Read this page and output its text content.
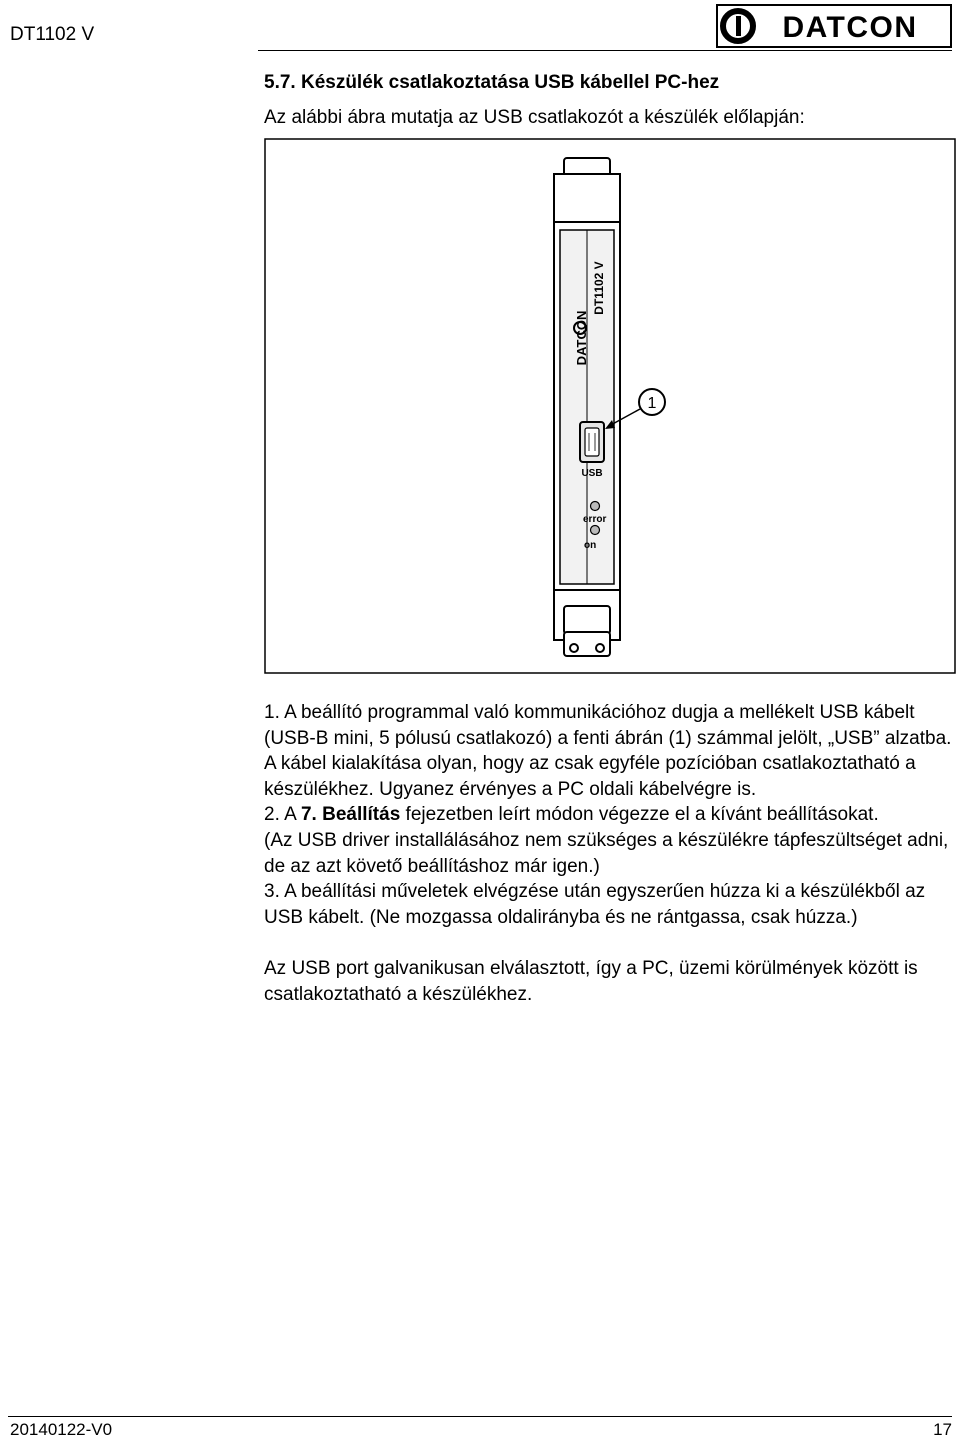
DT1102 V	DATCON
5.7. Készülék csatlakoztatása USB kábellel PC-hez
Az alábbi ábra mutatja az USB csatlakozót a készülék előlapján:
DATCON
DT1102 V
USB
error
on
1

1. A beállító programmal való kommunikációhoz dugja a mellékelt USB kábelt (USB-B mini, 5 pólusú csatlakozó) a fenti ábrán (1) számmal jelölt, „USB” alzatba. A kábel kialakítása olyan, hogy az csak egyféle pozícióban csatlakoztatható a készülékhez. Ugyanez érvényes a PC oldali kábelvégre is.

2. A 7. Beállítás fejezetben leírt módon végezze el a kívánt beállításokat.

(Az USB driver installálásához nem szükséges a készülékre tápfeszültséget adni, de az azt követő beállításhoz már igen.)

3. A beállítási műveletek elvégzése után egyszerűen húzza ki a készülékből az USB kábelt. (Ne mozgassa oldalirányba és ne rántgassa, csak húzza.)

Az USB port galvanikusan elválasztott, így a PC, üzemi körülmények között is csatlakoztatható a készülékhez.

20140122-V0	17
